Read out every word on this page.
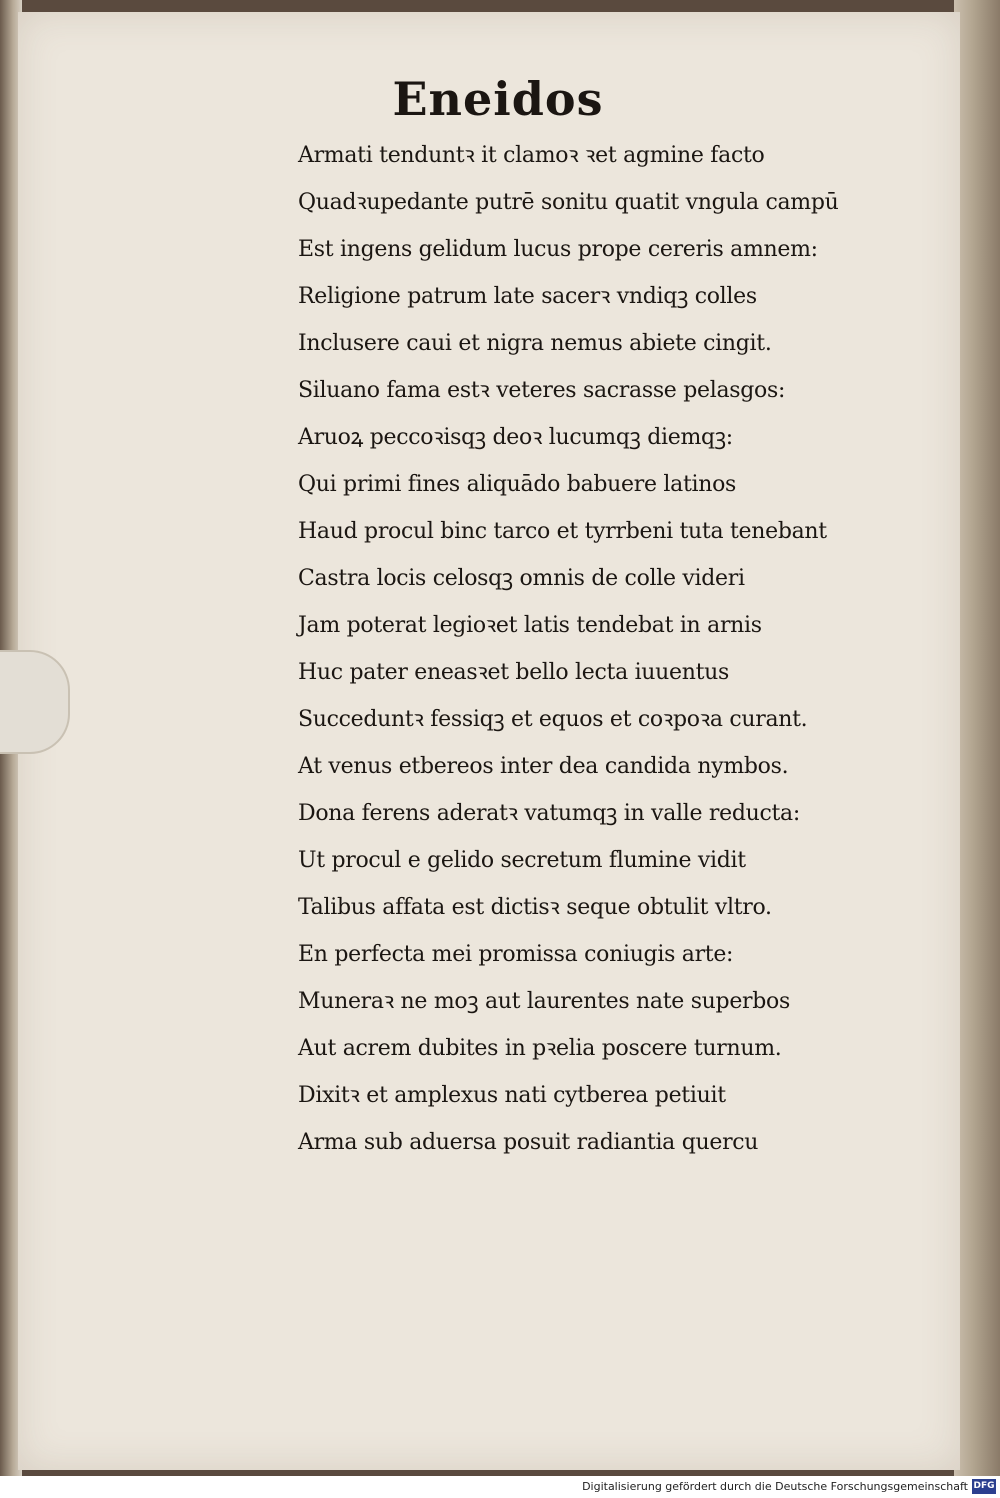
Eneidos
Armati tenduntꝛ it clamoꝛ ꝛet agmine facto
Quadꝛupedante putrē sonitu quatit vngula campū
Est ingens gelidum lucus prope cereris amnem:
Religione patrum late sacerꝛ vndiqꝫ colles
Inclusere caui et nigra nemus abiete cingit.
Siluano fama estꝛ veteres sacrasse pelasgos:
Aruoꝝ peccoꝛisqꝫ deoꝛ lucumqꝫ diemqꝫ:
Qui primi fines aliquādo babuere latinos
Haud procul binc tarco et tyrrbeni tuta tenebant
Castra locis celosqꝫ omnis de colle videri
Jam poterat legioꝛet latis tendebat in arnis
Huc pater eneasꝛet bello lecta iuuentus
Succeduntꝛ fessiqꝫ et equos et coꝛpoꝛa curant.
At venus etbereos inter dea candida nymbos.
Dona ferens aderatꝛ vatumqꝫ in valle reducta:
Ut procul e gelido secretum flumine vidit
Talibus affata est dictisꝛ seque obtulit vltro.
En perfecta mei promissa coniugis arte:
Muneraꝛ ne moꝫ aut laurentes nate superbos
Aut acrem dubites in pꝛelia poscere turnum.
Dixitꝛ et amplexus nati cytberea petiuit
Arma sub aduersa posuit radiantia quercu
Digitalisierung gefördert durch die Deutsche Forschungsgemeinschaft DFG
